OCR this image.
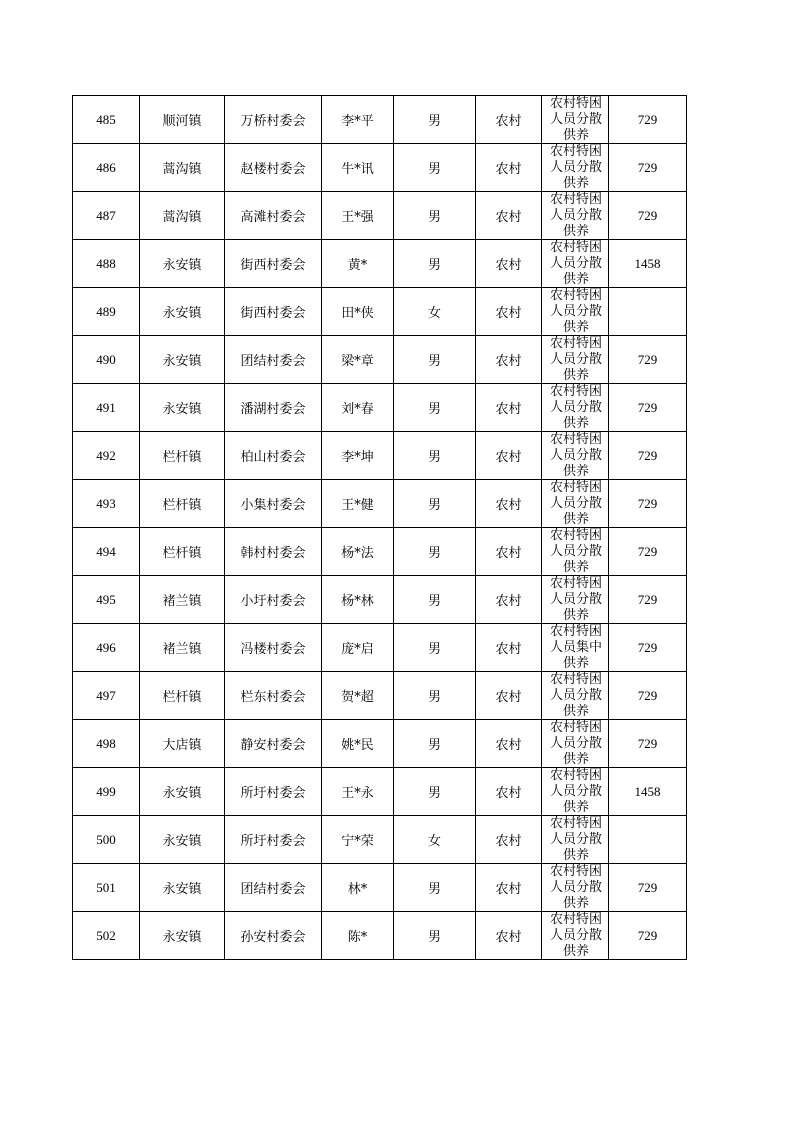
485	顺河镇	万桥村委会	李*平	男	农村	农村特困人员分散供养	729
486	蒿沟镇	赵楼村委会	牛*讯	男	农村	农村特困人员分散供养	729
487	蒿沟镇	高滩村委会	王*强	男	农村	农村特困人员分散供养	729
488	永安镇	街西村委会	黄*	男	农村	农村特困人员分散供养	1458
489	永安镇	街西村委会	田*侠	女	农村	农村特困人员分散供养	

490	永安镇	团结村委会	梁*章	男	农村	农村特困人员分散供养	729
491	永安镇	潘湖村委会	刘*春	男	农村	农村特困人员分散供养	729
492	栏杆镇	柏山村委会	李*坤	男	农村	农村特困人员分散供养	729
493	栏杆镇	小集村委会	王*健	男	农村	农村特困人员分散供养	729
494	栏杆镇	韩村村委会	杨*法	男	农村	农村特困人员分散供养	729
495	褚兰镇	小圩村委会	杨*林	男	农村	农村特困人员分散供养	729
496	褚兰镇	冯楼村委会	庞*启	男	农村	农村特困人员集中供养	729
497	栏杆镇	栏东村委会	贺*超	男	农村	农村特困人员分散供养	729
498	大店镇	静安村委会	姚*民	男	农村	农村特困人员分散供养	729
499	永安镇	所圩村委会	王*永	男	农村	农村特困人员分散供养	1458
500	永安镇	所圩村委会	宁*荣	女	农村	农村特困人员分散供养	

501	永安镇	团结村委会	林*	男	农村	农村特困人员分散供养	729
502	永安镇	孙安村委会	陈*	男	农村	农村特困人员分散供养	729
